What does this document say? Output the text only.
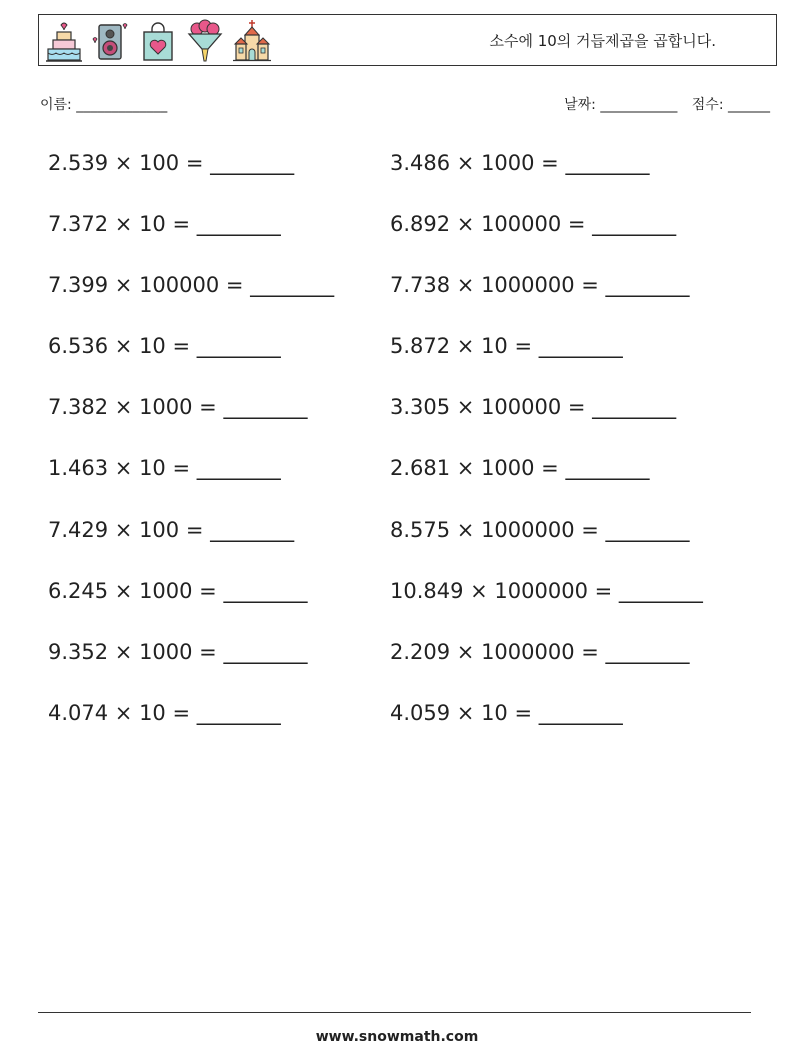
소수에 10의 거듭제곱을 곱합니다.
이름: _____________	날짜: ___________ 점수: ______
2.539 × 100 = ________	3.486 × 1000 = ________
7.372 × 10 = ________	6.892 × 100000 = ________
7.399 × 100000 = ________	7.738 × 1000000 = ________
6.536 × 10 = ________	5.872 × 10 = ________
7.382 × 1000 = ________	3.305 × 100000 = ________
1.463 × 10 = ________	2.681 × 1000 = ________
7.429 × 100 = ________	8.575 × 1000000 = ________
6.245 × 1000 = ________	10.849 × 1000000 = ________
9.352 × 1000 = ________	2.209 × 1000000 = ________
4.074 × 10 = ________	4.059 × 10 = ________
www.snowmath.com
